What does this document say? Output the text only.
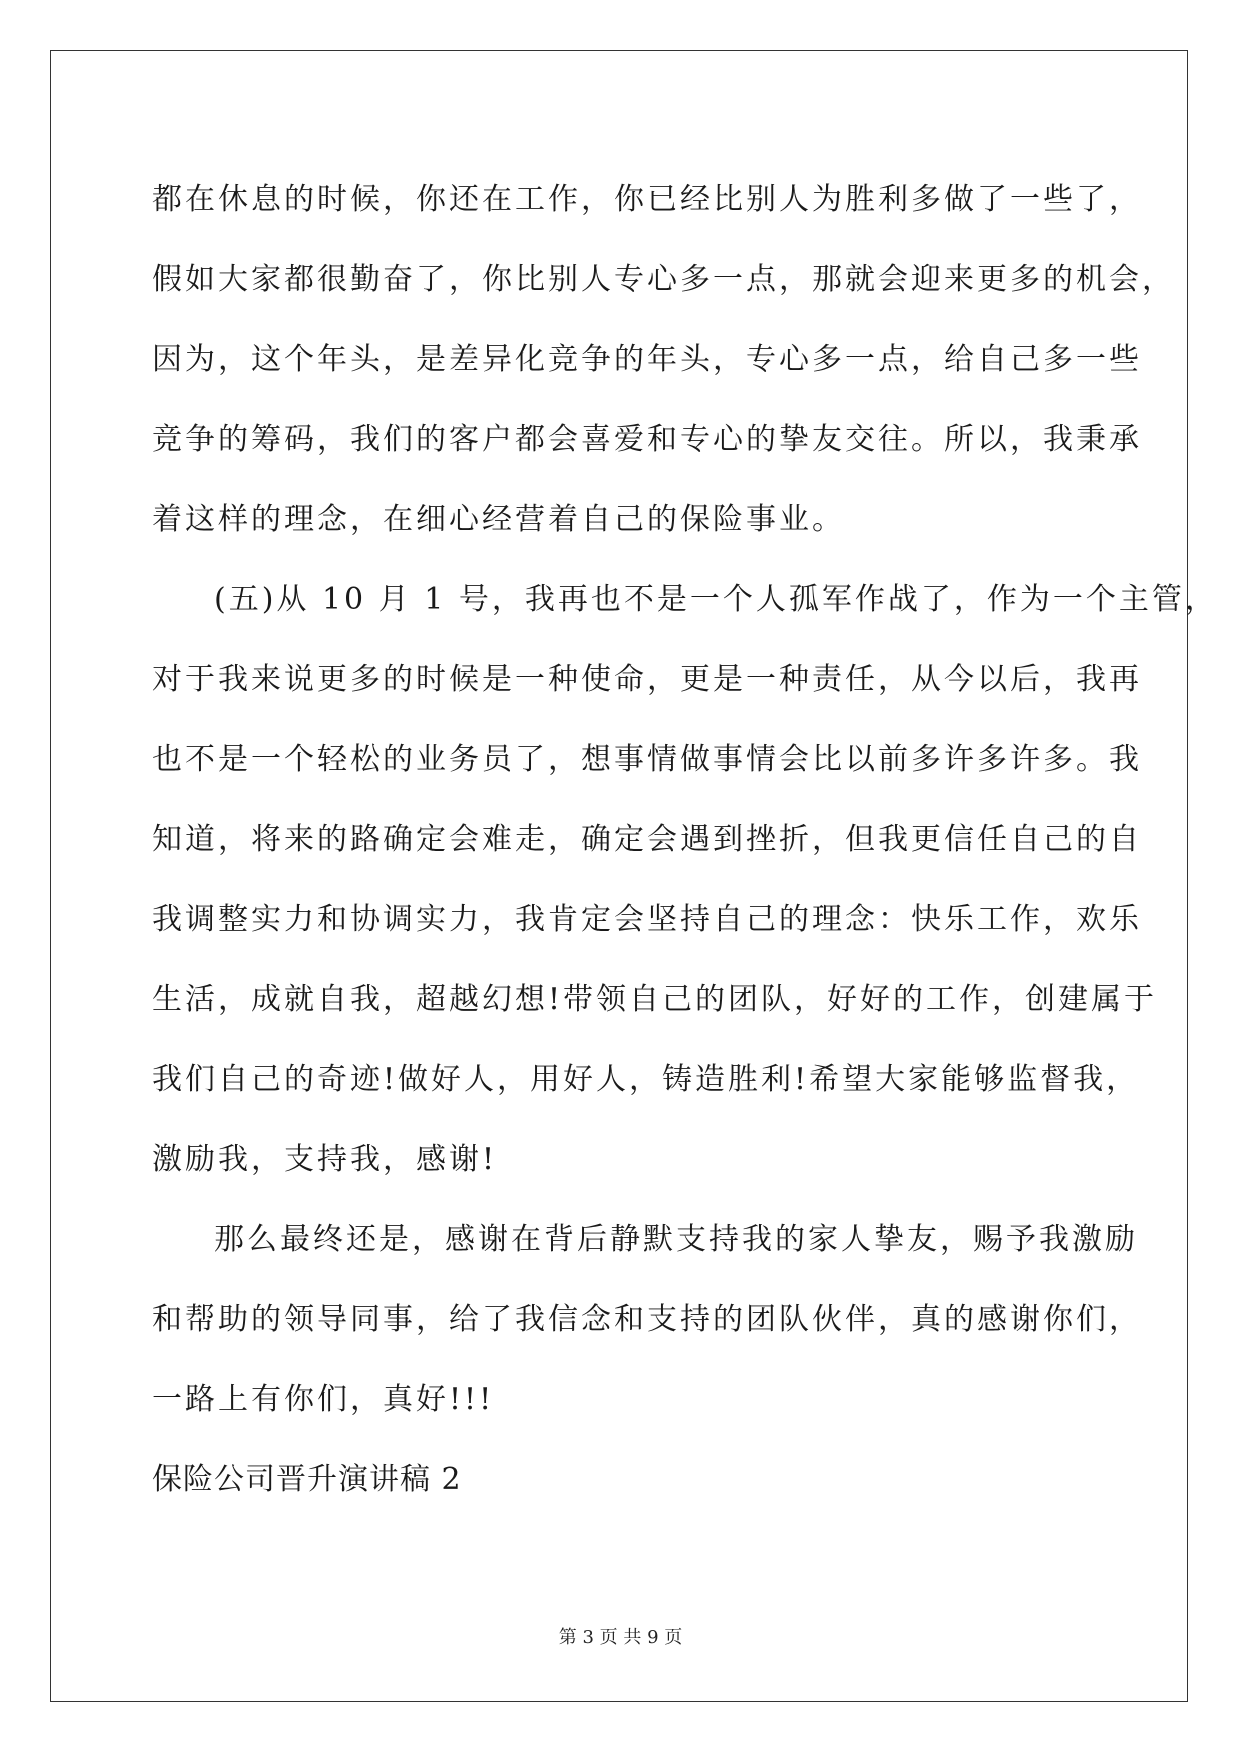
都在休息的时候，你还在工作，你已经比别人为胜利多做了一些了，
假如大家都很勤奋了，你比别人专心多一点，那就会迎来更多的机会，
因为，这个年头，是差异化竞争的年头，专心多一点，给自己多一些
竞争的筹码，我们的客户都会喜爱和专心的挚友交往。所以，我秉承
着这样的理念，在细心经营着自己的保险事业。
(五)从 10 月 1 号，我再也不是一个人孤军作战了，作为一个主管，
对于我来说更多的时候是一种使命，更是一种责任，从今以后，我再
也不是一个轻松的业务员了，想事情做事情会比以前多许多许多。我
知道，将来的路确定会难走，确定会遇到挫折，但我更信任自己的自
我调整实力和协调实力，我肯定会坚持自己的理念：快乐工作，欢乐
生活，成就自我，超越幻想!带领自己的团队，好好的工作，创建属于
我们自己的奇迹!做好人，用好人，铸造胜利!希望大家能够监督我，
激励我，支持我，感谢!
那么最终还是，感谢在背后静默支持我的家人挚友，赐予我激励
和帮助的领导同事，给了我信念和支持的团队伙伴，真的感谢你们，
一路上有你们，真好!!!
保险公司晋升演讲稿 2
第 3 页 共 9 页
